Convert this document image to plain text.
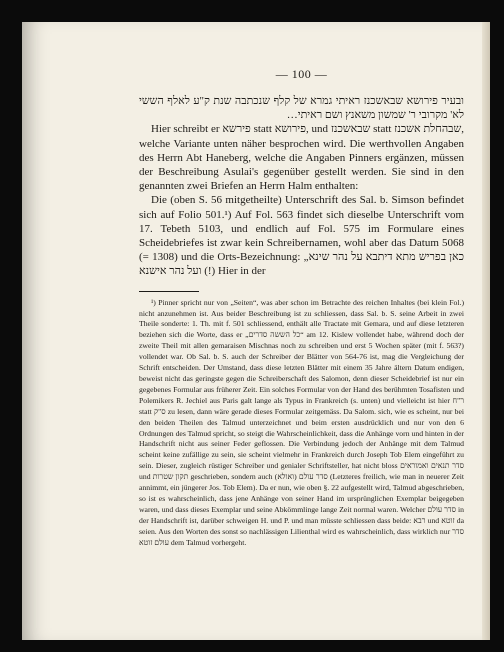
— 100 —

ובעיר פירושא שבאשכנז ראיתי גמרא של קלף שנכתבה שנת ק"ע לאלף הששי לא' מקרובי ר' שמשון משאנץ ושם ראיתי…

Hier schreibt er פירשא statt פירושא, und שבאשכנז statt שבהחלת אשכנז, welche Variante unten näher besprochen wird. Die werthvollen Angaben des Herrn Abt Haneberg, welche die Angaben Pinners ergänzen, müssen der Beschreibung Asulai's gegenüber gestellt werden. Sie sind in den genannten zwei Briefen an Herrn Halm enthalten:

Die (oben S. 56 mitgetheilte) Unterschrift des Sal. b. Simson befindet sich auf Folio 501.¹) Auf Fol. 563 findet sich dieselbe Unterschrift vom 17. Tebeth 5103, und endlich auf Fol. 575 im Formulare eines Scheidebriefes ist zwar kein Schreibernamen, wohl aber das Datum 5068 (= 1308) und die Orts-Bezeichnung: „כאן בפריש מתא דיתבא על נהר שינא ועל נהר אישנא (!) Hier in der

¹) Pinner spricht nur von „Seiten“, was aber schon im Betrachte des reichen Inhaltes (bei klein Fol.) nicht anzunehmen ist. Aus beider Beschreibung ist zu schliessen, dass Sal. b. S. seine Arbeit in zwei Theile sonderte: 1. Th. mit f. 501 schliessend, enthält alle Tractate mit Gemara, und auf diese letzteren beziehen sich die Worte, dass er „כל הששה סדרים“ am 12. Kislew vollendet habe, während doch der zweite Theil mit allen gemaraisen Mischnas noch zu schreiben und erst 5 Wochen später (mit f. 563?) vollendet war. Ob Sal. b. S. auch der Schreiber der Blätter von 564-76 ist, mag die Vergleichung der Schrift entscheiden. Der Umstand, dass diese letzten Blätter mit einem 35 Jahre ältern Datum endigen, beweist nicht das geringste gegen die Schreiberschaft des Salomon, denn dieser Scheidebrief ist nur ein gegebenes Formular aus früherer Zeit. Ein solches Formular von der Hand des berühmten Tosafisten und Polemikers R. Jechiel aus Paris galt lange als Typus in Frankreich (s. unten) und vielleicht ist hier ר"ח statt ס"ק zu lesen, dann wäre gerade dieses Formular zeitgemäss. Da Salom. sich, wie es scheint, nur bei den beiden Theilen des Talmud unterzeichnet und beim ersten ausdrücklich und nur von den 6 Ordnungen des Talmud spricht, so steigt die Wahrscheinlichkeit, dass die Anhänge vorn und hinten in der Handschrift nicht aus seiner Feder geflossen. Die Verbindung jedoch der Anhänge mit dem Talmud scheint keine zufällige zu sein, sie scheint vielmehr in Frankreich durch Joseph Tob Elem eingeführt zu sein. Dieser, zugleich rüstiger Schreiber und genialer Schriftsteller, hat nicht bloss סדר תנאים ואמוראים und תקון שטרות geschrieben, sondern auch (ואולא) סדר עולם (Letzteres freilich, wie man in neuerer Zeit annimmt, ein jüngerer Jos. Tob Elem). Da er nun, wie oben §. 22 aufgestellt wird, Talmud abgeschrieben, so ist es wahrscheinlich, dass jene Anhänge von seiner Hand im ursprünglichen Exemplar beigegeben waren, und dass dieses Exemplar und seine Abkömmlinge lange Zeit normal waren. Welcher סדר עולם in der Handschrift ist, darüber schweigen H. und P. und man müsste schliessen dass beide: רבא und זוטא da seien. Aus den Worten des sonst so nachlässigen Lilienthal wird es wahrscheinlich, dass wirklich nur סדר עולם זוטא dem Talmud vorhergeht.
